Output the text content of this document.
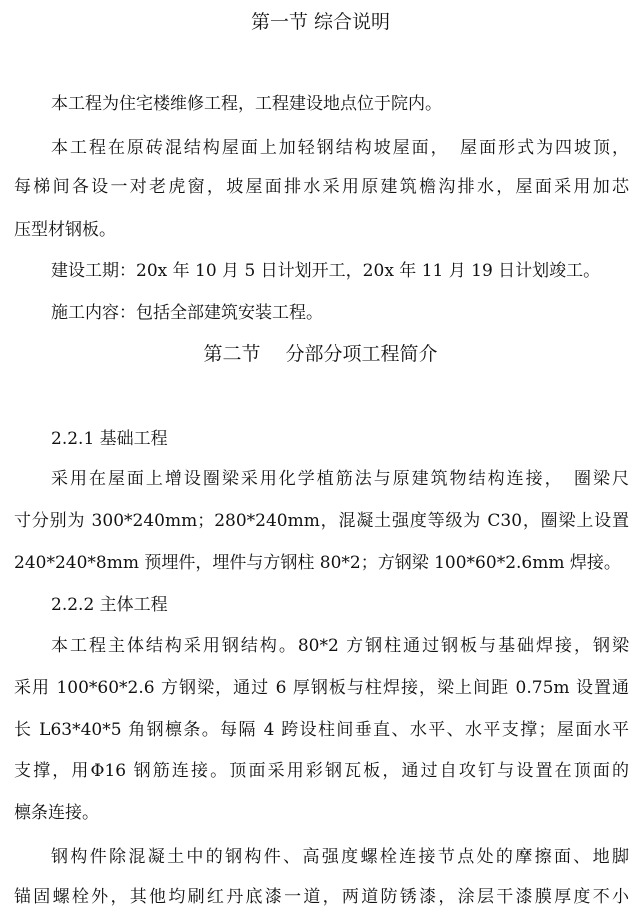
第一节 综合说明
本工程为住宅楼维修工程，工程建设地点位于院内。
本工程在原砖混结构屋面上加轻钢结构坡屋面，　屋面形式为四坡顶，
每梯间各设一对老虎窗，坡屋面排水采用原建筑檐沟排水，屋面采用加芯
压型材钢板。
建设工期：20x 年 10 月 5 日计划开工，20x 年 11 月 19 日计划竣工。
施工内容：包括全部建筑安装工程。
第二节　 分部分项工程简介
2.2.1 基础工程
采用在屋面上增设圈梁采用化学植筋法与原建筑物结构连接，　圈梁尺
寸分别为 300*240mm；280*240mm，混凝土强度等级为 C30，圈梁上设置
240*240*8mm 预埋件，埋件与方钢柱 80*2；方钢梁 100*60*2.6mm 焊接。
2.2.2 主体工程
本工程主体结构采用钢结构。80*2 方钢柱通过钢板与基础焊接，钢梁
采用 100*60*2.6 方钢梁，通过 6 厚钢板与柱焊接，梁上间距 0.75m 设置通
长 L63*40*5 角钢檩条。每隔 4 跨设柱间垂直、水平、水平支撑；屋面水平
支撑，用Φ16 钢筋连接。顶面采用彩钢瓦板，通过自攻钉与设置在顶面的
檩条连接。
钢构件除混凝土中的钢构件、高强度螺栓连接节点处的摩擦面、地脚
锚固螺栓外，其他均刷红丹底漆一道，两道防锈漆，涂层干漆膜厚度不小
